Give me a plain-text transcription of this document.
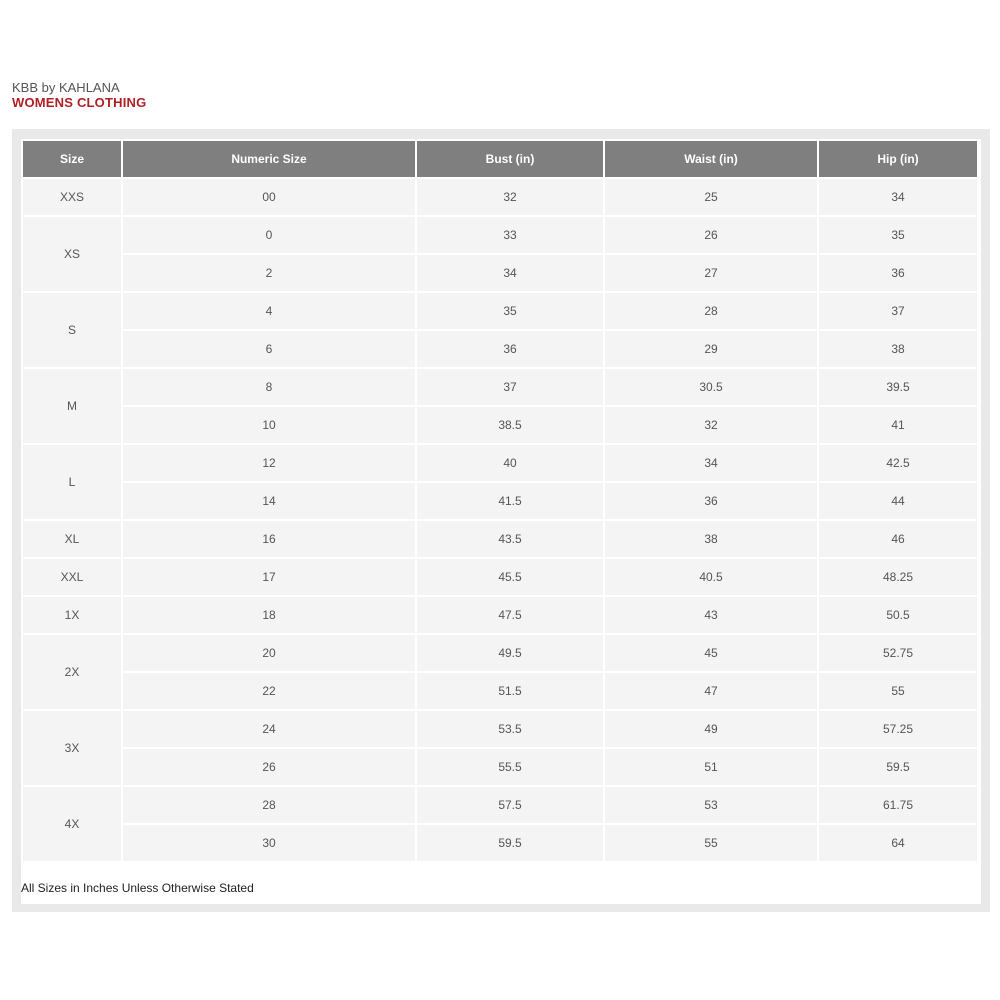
KBB by KAHLANA
WOMENS CLOTHING
Size	Numeric Size	Bust (in)	Waist (in)	Hip (in)
XXS	00	32	25	34
XS	0	33	26	35
	2	34	27	36
S	4	35	28	37
	6	36	29	38
M	8	37	30.5	39.5
	10	38.5	32	41
L	12	40	34	42.5
	14	41.5	36	44
XL	16	43.5	38	46
XXL	17	45.5	40.5	48.25
1X	18	47.5	43	50.5
2X	20	49.5	45	52.75
	22	51.5	47	55
3X	24	53.5	49	57.25
	26	55.5	51	59.5
4X	28	57.5	53	61.75
	30	59.5	55	64
All Sizes in Inches Unless Otherwise Stated
